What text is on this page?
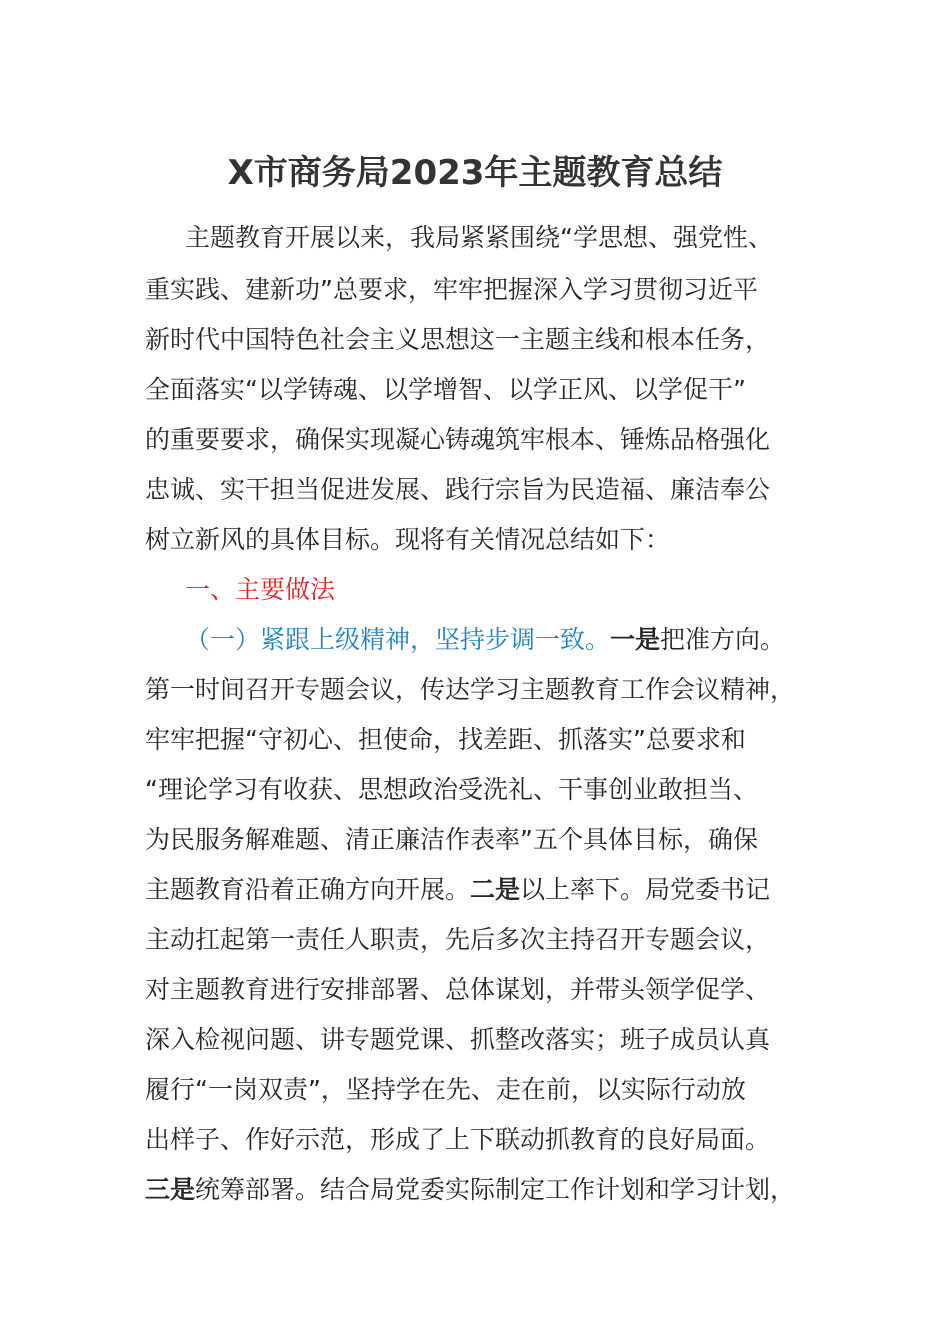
X市商务局2023年主题教育总结
主题教育开展以来，我局紧紧围绕“学思想、强党性、
重实践、建新功”总要求，牢牢把握深入学习贯彻习近平
新时代中国特色社会主义思想这一主题主线和根本任务，
全面落实“以学铸魂、以学增智、以学正风、以学促干”
的重要要求，确保实现凝心铸魂筑牢根本、锤炼品格强化
忠诚、实干担当促进发展、践行宗旨为民造福、廉洁奉公
树立新风的具体目标。现将有关情况总结如下：
一、主要做法
（一）紧跟上级精神，坚持步调一致。一是把准方向。
第一时间召开专题会议，传达学习主题教育工作会议精神，
牢牢把握“守初心、担使命，找差距、抓落实”总要求和
“理论学习有收获、思想政治受洗礼、干事创业敢担当、
为民服务解难题、清正廉洁作表率”五个具体目标，确保
主题教育沿着正确方向开展。二是以上率下。局党委书记
主动扛起第一责任人职责，先后多次主持召开专题会议，
对主题教育进行安排部署、总体谋划，并带头领学促学、
深入检视问题、讲专题党课、抓整改落实；班子成员认真
履行“一岗双责”，坚持学在先、走在前，以实际行动放
出样子、作好示范，形成了上下联动抓教育的良好局面。
三是统筹部署。结合局党委实际制定工作计划和学习计划，
